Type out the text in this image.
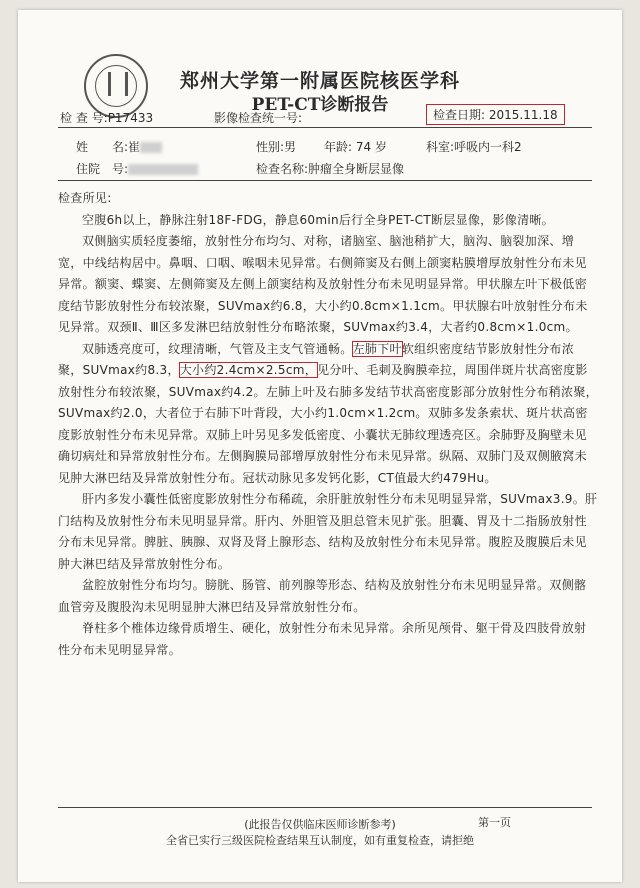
郑州大学第一附属医院核医学科
PET-CT诊断报告
检 查 号:P17433	影像检查统一号:	检查日期: 2015.11.18
姓　　名:崔	性别:男 年龄: 74 岁	科室:呼吸内一科2
住院　号:	检查名称:肿瘤全身断层显像

检查所见:

空腹6h以上，静脉注射18F-FDG，静息60min后行全身PET-CT断层显像，影像清晰。

双侧脑实质轻度萎缩，放射性分布均匀、对称，诸脑室、脑池稍扩大，脑沟、脑裂加深、增宽，中线结构居中。鼻咽、口咽、喉咽未见异常。右侧筛窦及右侧上颌窦粘膜增厚放射性分布未见异常。额窦、蝶窦、左侧筛窦及左侧上颌窦结构及放射性分布未见明显异常。甲状腺左叶下极低密度结节影放射性分布较浓聚，SUVmax约6.8，大小约0.8cm×1.1cm。甲状腺右叶放射性分布未见异常。双颈Ⅱ、Ⅲ区多发淋巴结放射性分布略浓聚，SUVmax约3.4，大者约0.8cm×1.0cm。

双肺透亮度可，纹理清晰，气管及主支气管通畅。左肺下叶软组织密度结节影放射性分布浓聚，SUVmax约8.3，大小约2.4cm×2.5cm，见分叶、毛刺及胸膜牵拉，周围伴斑片状高密度影放射性分布较浓聚，SUVmax约4.2。左肺上叶及右肺多发结节状高密度影部分放射性分布稍浓聚，SUVmax约2.0，大者位于右肺下叶背段，大小约1.0cm×1.2cm。双肺多发条索状、斑片状高密度影放射性分布未见异常。双肺上叶另见多发低密度、小囊状无肺纹理透亮区。余肺野及胸壁未见确切病灶和异常放射性分布。左侧胸膜局部增厚放射性分布未见异常。纵隔、双肺门及双侧腋窝未见肿大淋巴结及异常放射性分布。冠状动脉见多发钙化影，CT值最大约479Hu。

肝内多发小囊性低密度影放射性分布稀疏，余肝脏放射性分布未见明显异常，SUVmax3.9。肝门结构及放射性分布未见明显异常。肝内、外胆管及胆总管未见扩张。胆囊、胃及十二指肠放射性分布未见异常。脾脏、胰腺、双肾及肾上腺形态、结构及放射性分布未见异常。腹腔及腹膜后未见肿大淋巴结及异常放射性分布。

盆腔放射性分布均匀。膀胱、肠管、前列腺等形态、结构及放射性分布未见明显异常。双侧髂血管旁及腹股沟未见明显肿大淋巴结及异常放射性分布。

脊柱多个椎体边缘骨质增生、硬化，放射性分布未见异常。余所见颅骨、躯干骨及四肢骨放射性分布未见明显异常。

(此报告仅供临床医师诊断参考)	第一页
全省已实行三级医院检查结果互认制度，如有重复检查，请拒绝
